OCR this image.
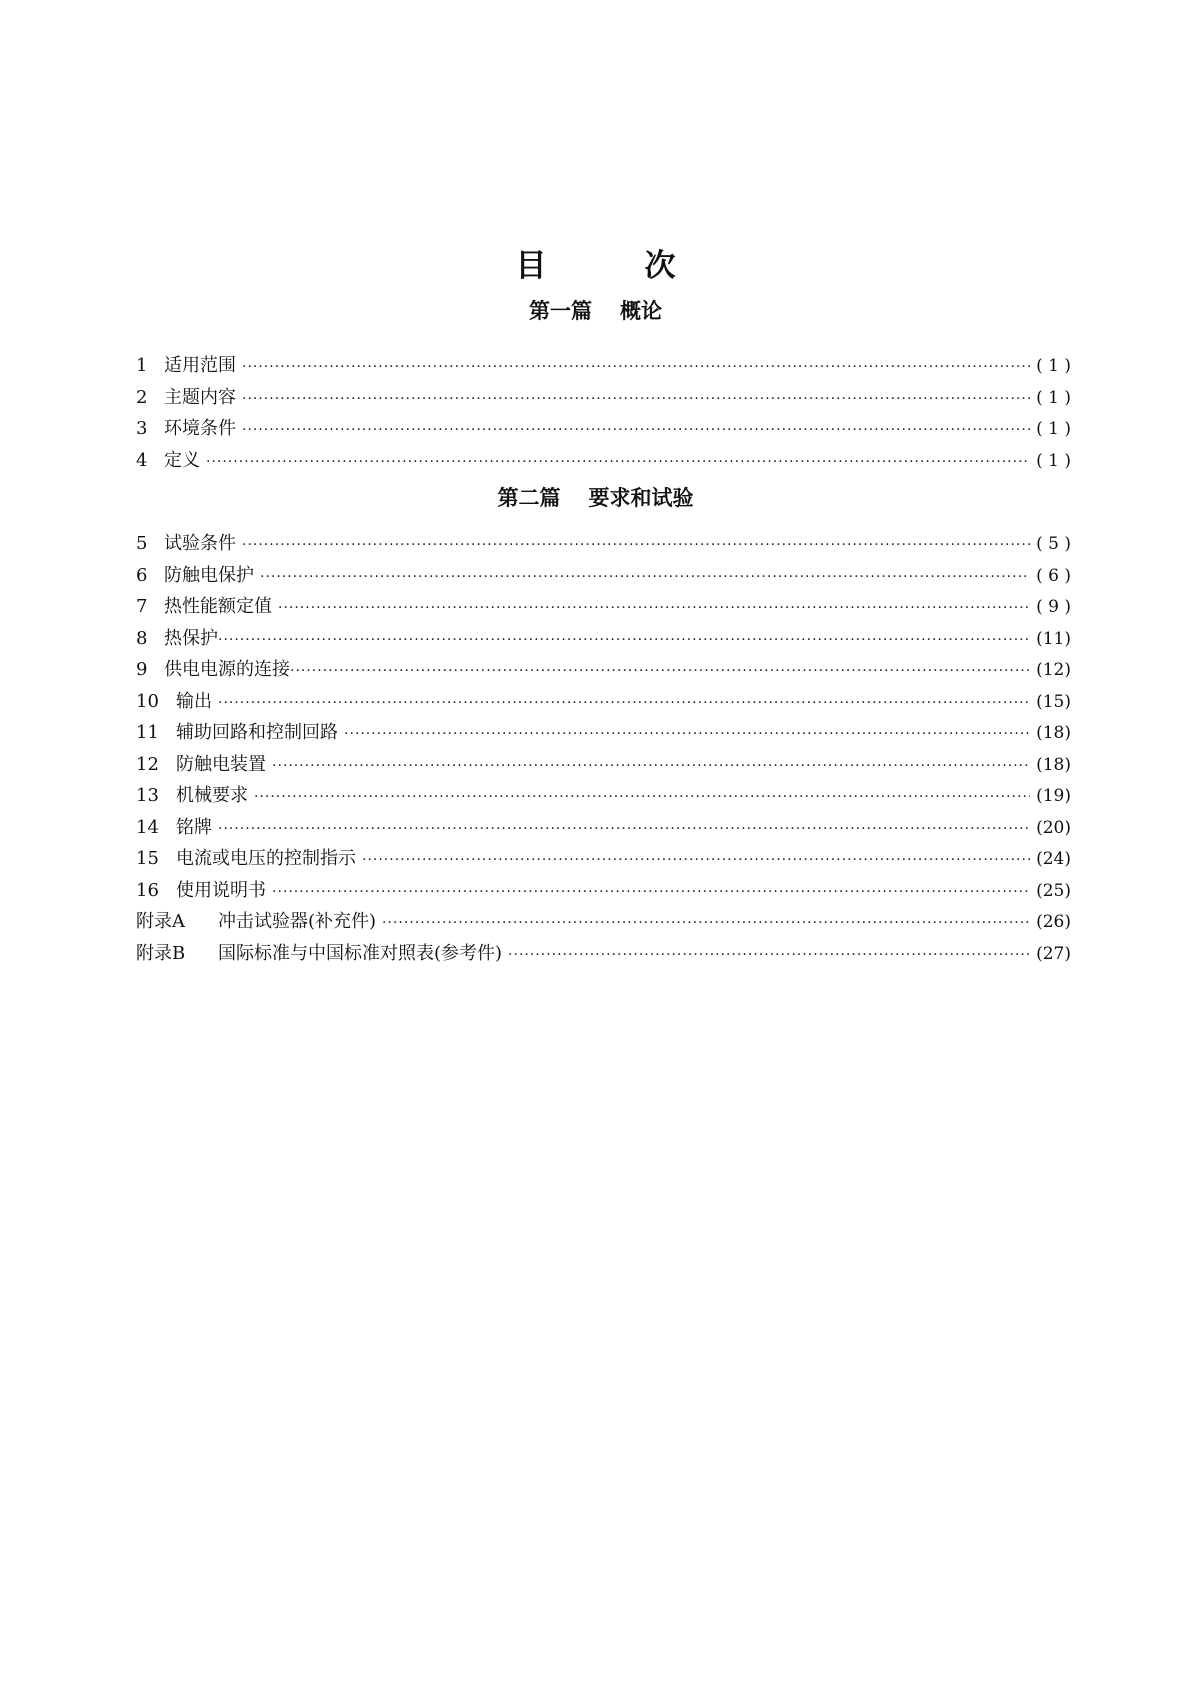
目	次
第一篇 概论
1 适用范围 ·····	( 1 )
2 主题内容 ·····	( 1 )
3 环境条件 ·····	( 1 )
4 定义 ·····	( 1 )
第二篇 要求和试验
5 试验条件 ·····	( 5 )
6 防触电保护 ·····	( 6 )
7 热性能额定值 ·····	( 9 )
8 热保护 ·····	(11)
9 供电电源的连接 ·····	(12)
10 输出 ·····	(15)
11 辅助回路和控制回路 ·····	(18)
12 防触电装置 ·····	(18)
13 机械要求 ·····	(19)
14 铭牌 ·····	(20)
15 电流或电压的控制指示 ·····	(24)
16 使用说明书 ·····	(25)
附录A	冲击试验器(补充件) ·····	(26)
附录B	国际标准与中国标准对照表(参考件) ·····	(27)
